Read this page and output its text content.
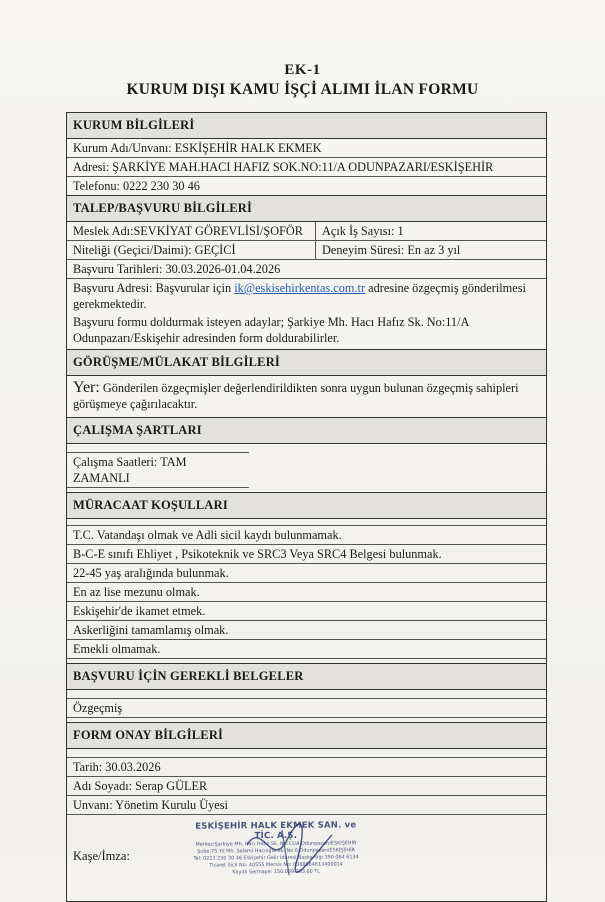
EK-1
KURUM DIŞI KAMU İŞÇİ ALIMI İLAN FORMU
KURUM BİLGİLERİ
Kurum Adı/Unvanı: ESKİŞEHİR HALK EKMEK
Adresi: ŞARKİYE MAH.HACI HAFIZ SOK.NO:11/A ODUNPAZARI/ESKİŞEHİR
Telefonu: 0222 230 30 46
TALEP/BAŞVURU BİLGİLERİ
Meslek Adı:SEVKİYAT GÖREVLİSİ/ŞOFÖR	Açık İş Sayısı: 1
Niteliği (Geçici/Daimi): GEÇİCİ	Deneyim Süresi: En az 3 yıl
Başvuru Tarihleri: 30.03.2026-01.04.2026
Başvuru Adresi: Başvurular için ik@eskisehirkentas.com.tr adresine özgeçmiş gönderilmesi gerekmektedir.
Başvuru formu doldurmak isteyen adaylar; Şarkiye Mh. Hacı Hafız Sk. No:11/A Odunpazarı/Eskişehir adresinden form doldurabilirler.
GÖRÜŞME/MÜLAKAT BİLGİLERİ
Yer: Gönderilen özgeçmişler değerlendirildikten sonra uygun bulunan özgeçmiş sahipleri görüşmeye çağırılacaktır.
ÇALIŞMA ŞARTLARI
Çalışma Saatleri: TAM ZAMANLI
MÜRACAAT KOŞULLARI
T.C. Vatandaşı olmak ve Adli sicil kaydı bulunmamak.
B-C-E sınıfı Ehliyet , Psikoteknik ve SRC3 Veya SRC4 Belgesi bulunmak.
22-45 yaş aralığında bulunmak.
En az lise mezunu olmak.
Eskişehir'de ikamet etmek.
Askerliğini tamamlamış olmak.
Emekli olmamak.
BAŞVURU İÇİN GEREKLİ BELGELER
Özgeçmiş
FORM ONAY BİLGİLERİ
Tarih: 30.03.2026
Adı Soyadı: Serap GÜLER
Unvanı: Yönetim Kurulu Üyesi
Kaşe/İmza:
ESKİŞEHİR HALK EKMEK SAN. ve TİC. A.Ş.
Merkez:Şarkiye Mh. Hacı Hafız Sk. No:11/A Odunpazarı/ESKİŞEHİR
Şube:75.Yıl Mh. Selami Hacıoğlu Sk. No:6 Odunpazarı/ESKİŞEHİR
Tel: 0222 230 30 46 Eskişehir Gelir İdaresi Başkanlığı 390 064 6134
Ticaret Sicil No: 40555 Mersis No: 0388064613400014
Kayıtlı Sermaye: 150.039.363,00 TL
